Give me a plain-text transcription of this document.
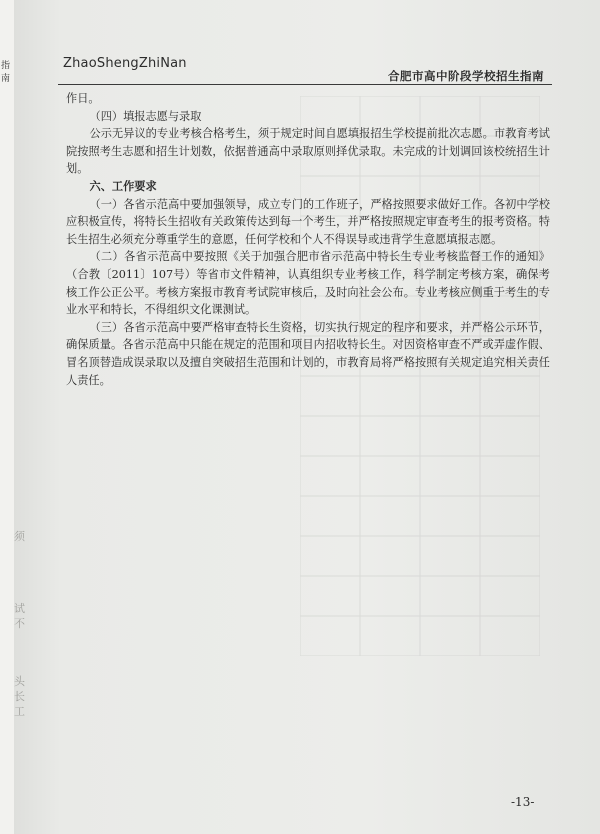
指南
ZhaoShengZhiNan
合肥市高中阶段学校招生指南
须
试
不
头
长
工

作日。

（四）填报志愿与录取

公示无异议的专业考核合格考生，须于规定时间自愿填报招生学校提前批次志愿。市教育考试院按照考生志愿和招生计划数，依据普通高中录取原则择优录取。未完成的计划调回该校统招生计划。

六、工作要求

（一）各省示范高中要加强领导，成立专门的工作班子，严格按照要求做好工作。各初中学校应积极宣传，将特长生招收有关政策传达到每一个考生，并严格按照规定审查考生的报考资格。特长生招生必须充分尊重学生的意愿，任何学校和个人不得误导或违背学生意愿填报志愿。

（二）各省示范高中要按照《关于加强合肥市省示范高中特长生专业考核监督工作的通知》（合教〔2011〕107号）等省市文件精神，认真组织专业考核工作，科学制定考核方案，确保考核工作公正公平。考核方案报市教育考试院审核后，及时向社会公布。专业考核应侧重于考生的专业水平和特长，不得组织文化课测试。

（三）各省示范高中要严格审查特长生资格，切实执行规定的程序和要求，并严格公示环节，确保质量。各省示范高中只能在规定的范围和项目内招收特长生。对因资格审查不严或弄虚作假、冒名顶替造成误录取以及擅自突破招生范围和计划的，市教育局将严格按照有关规定追究相关责任人责任。

-13-
